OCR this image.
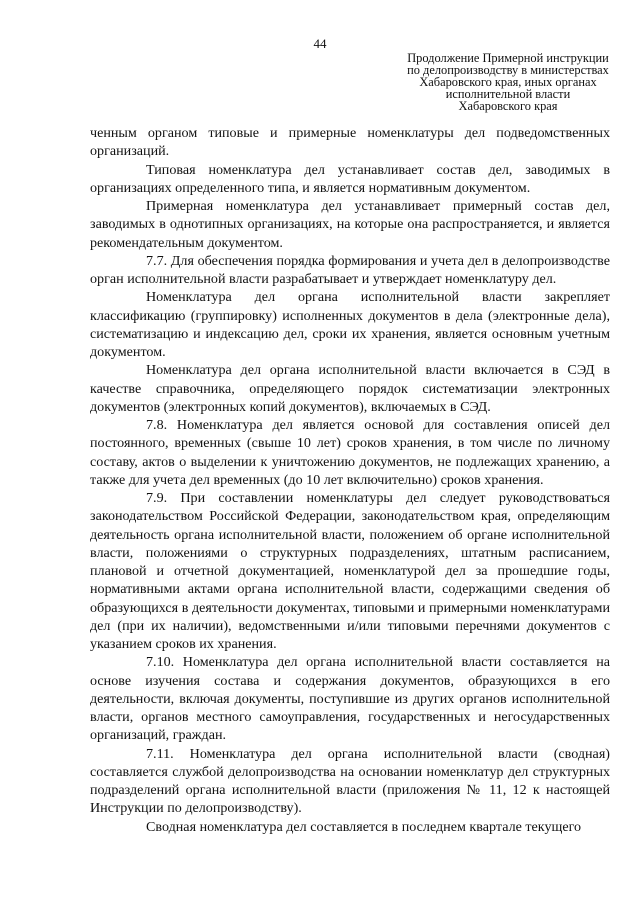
44
Продолжение Примерной инструкции
по делопроизводству в министерствах
Хабаровского края, иных органах
исполнительной власти
Хабаровского края

ченным органом типовые и примерные номенклатуры дел подведомственных организаций.

Типовая номенклатура дел устанавливает состав дел, заводимых в организациях определенного типа, и является нормативным документом.

Примерная номенклатура дел устанавливает примерный состав дел, заводимых в однотипных организациях, на которые она распространяется, и является рекомендательным документом.

7.7. Для обеспечения порядка формирования и учета дел в делопроизводстве орган исполнительной власти разрабатывает и утверждает номенклатуру дел.

Номенклатура дел органа исполнительной власти закрепляет классификацию (группировку) исполненных документов в дела (электронные дела), систематизацию и индексацию дел, сроки их хранения, является основным учетным документом.

Номенклатура дел органа исполнительной власти включается в СЭД в качестве справочника, определяющего порядок систематизации электронных документов (электронных копий документов), включаемых в СЭД.

7.8. Номенклатура дел является основой для составления описей дел постоянного, временных (свыше 10 лет) сроков хранения, в том числе по личному составу, актов о выделении к уничтожению документов, не подлежащих хранению, а также для учета дел временных (до 10 лет включительно) сроков хранения.

7.9. При составлении номенклатуры дел следует руководствоваться законодательством Российской Федерации, законодательством края, определяющим деятельность органа исполнительной власти, положением об органе исполнительной власти, положениями о структурных подразделениях, штатным расписанием, плановой и отчетной документацией, номенклатурой дел за прошедшие годы, нормативными актами органа исполнительной власти, содержащими сведения об образующихся в деятельности документах, типовыми и примерными номенклатурами дел (при их наличии), ведомственными и/или типовыми перечнями документов с указанием сроков их хранения.

7.10. Номенклатура дел органа исполнительной власти составляется на основе изучения состава и содержания документов, образующихся в его деятельности, включая документы, поступившие из других органов исполнительной власти, органов местного самоуправления, государственных и негосударственных организаций, граждан.

7.11. Номенклатура дел органа исполнительной власти (сводная) составляется службой делопроизводства на основании номенклатур дел структурных подразделений органа исполнительной власти (приложения № 11, 12 к настоящей Инструкции по делопроизводству).

Сводная номенклатура дел составляется в последнем квартале текущего
